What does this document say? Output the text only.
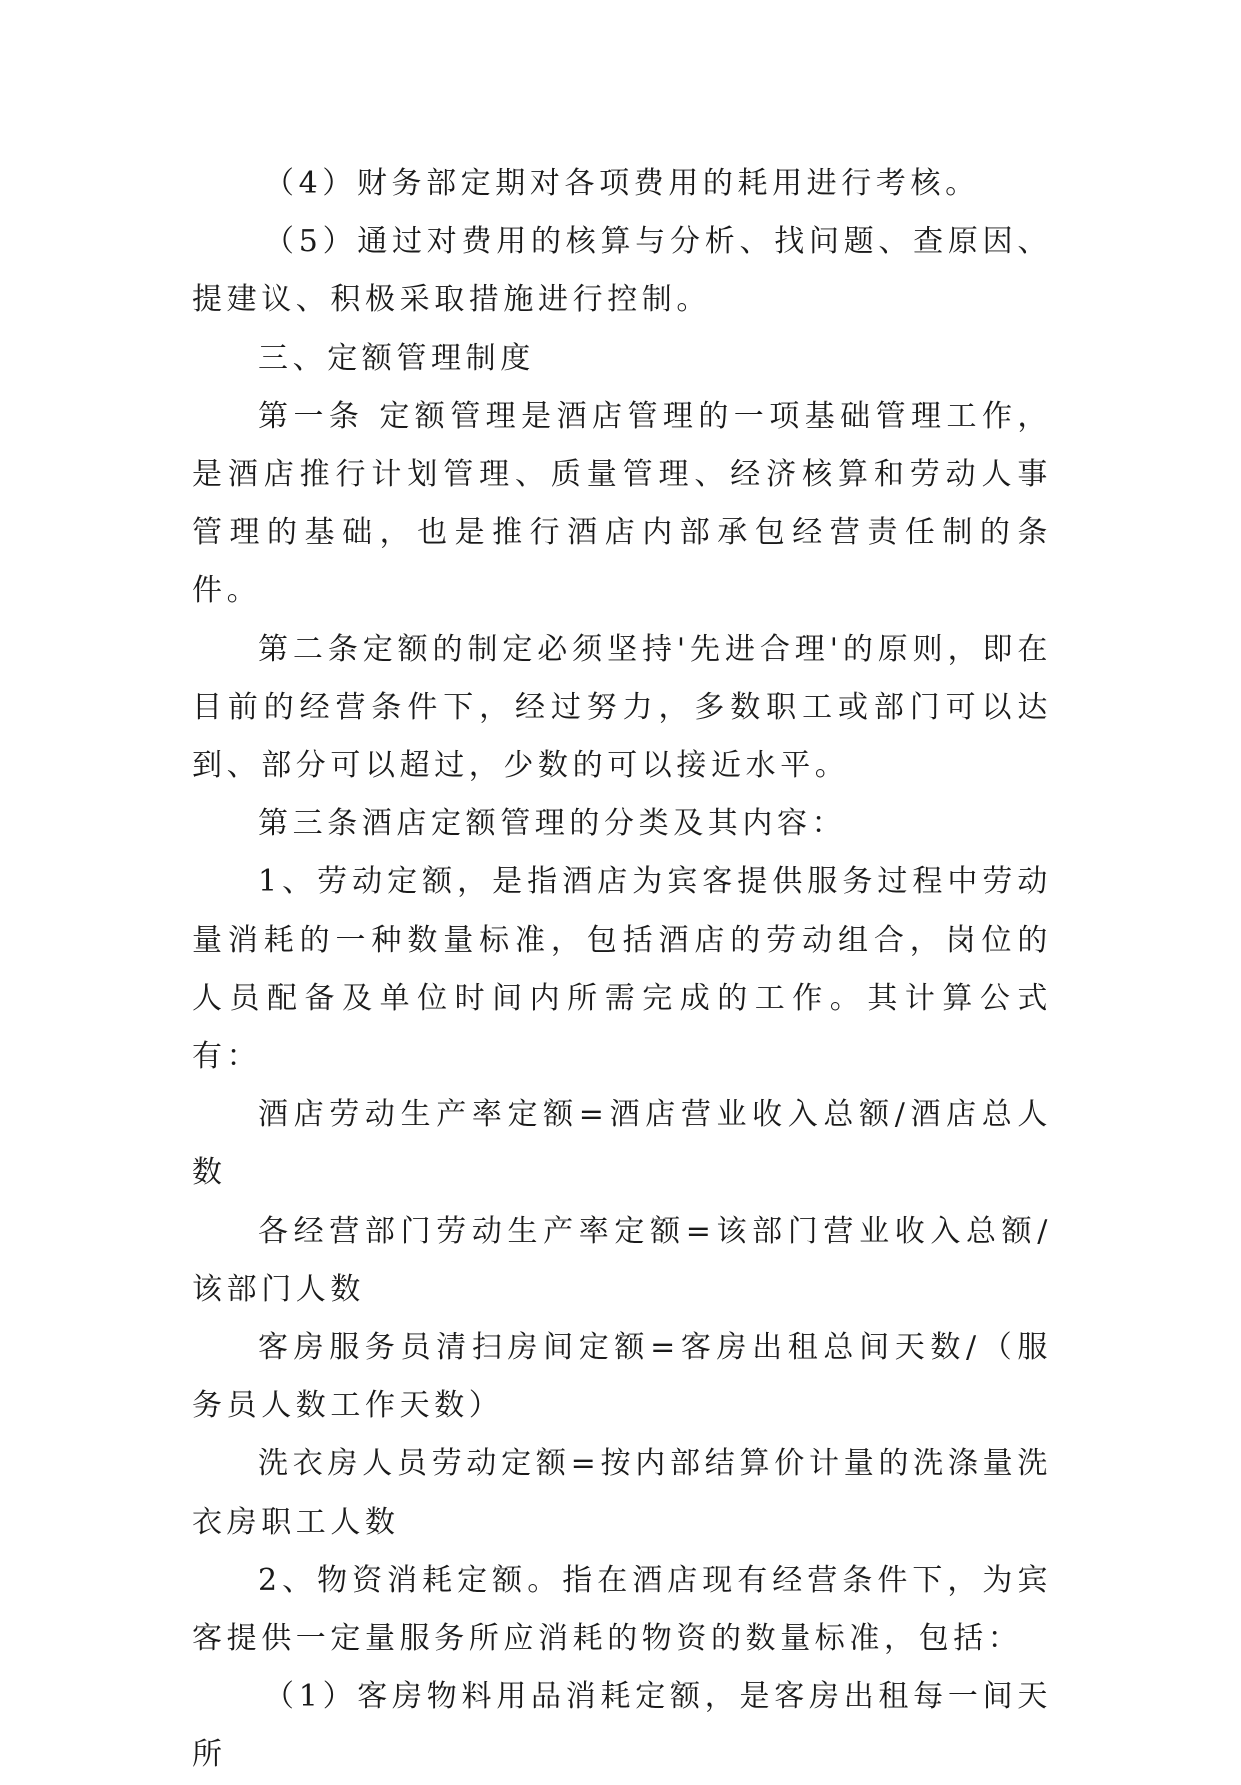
（4）财务部定期对各项费用的耗用进行考核。

（5）通过对费用的核算与分析、找问题、查原因、提建议、积极采取措施进行控制。

三、定额管理制度

第一条 定额管理是酒店管理的一项基础管理工作，是酒店推行计划管理、质量管理、经济核算和劳动人事管理的基础，也是推行酒店内部承包经营责任制的条件。

第二条定额的制定必须坚持'先进合理'的原则，即在目前的经营条件下，经过努力，多数职工或部门可以达到、部分可以超过，少数的可以接近水平。

第三条酒店定额管理的分类及其内容：

1、劳动定额，是指酒店为宾客提供服务过程中劳动量消耗的一种数量标准，包括酒店的劳动组合，岗位的人员配备及单位时间内所需完成的工作。其计算公式有：

酒店劳动生产率定额=酒店营业收入总额/酒店总人数

各经营部门劳动生产率定额=该部门营业收入总额/该部门人数

客房服务员清扫房间定额=客房出租总间天数/（服务员人数工作天数）

洗衣房人员劳动定额=按内部结算价计量的洗涤量洗衣房职工人数

2、物资消耗定额。指在酒店现有经营条件下，为宾客提供一定量服务所应消耗的物资的数量标准，包括：

（1）客房物料用品消耗定额，是客房出租每一间天所
